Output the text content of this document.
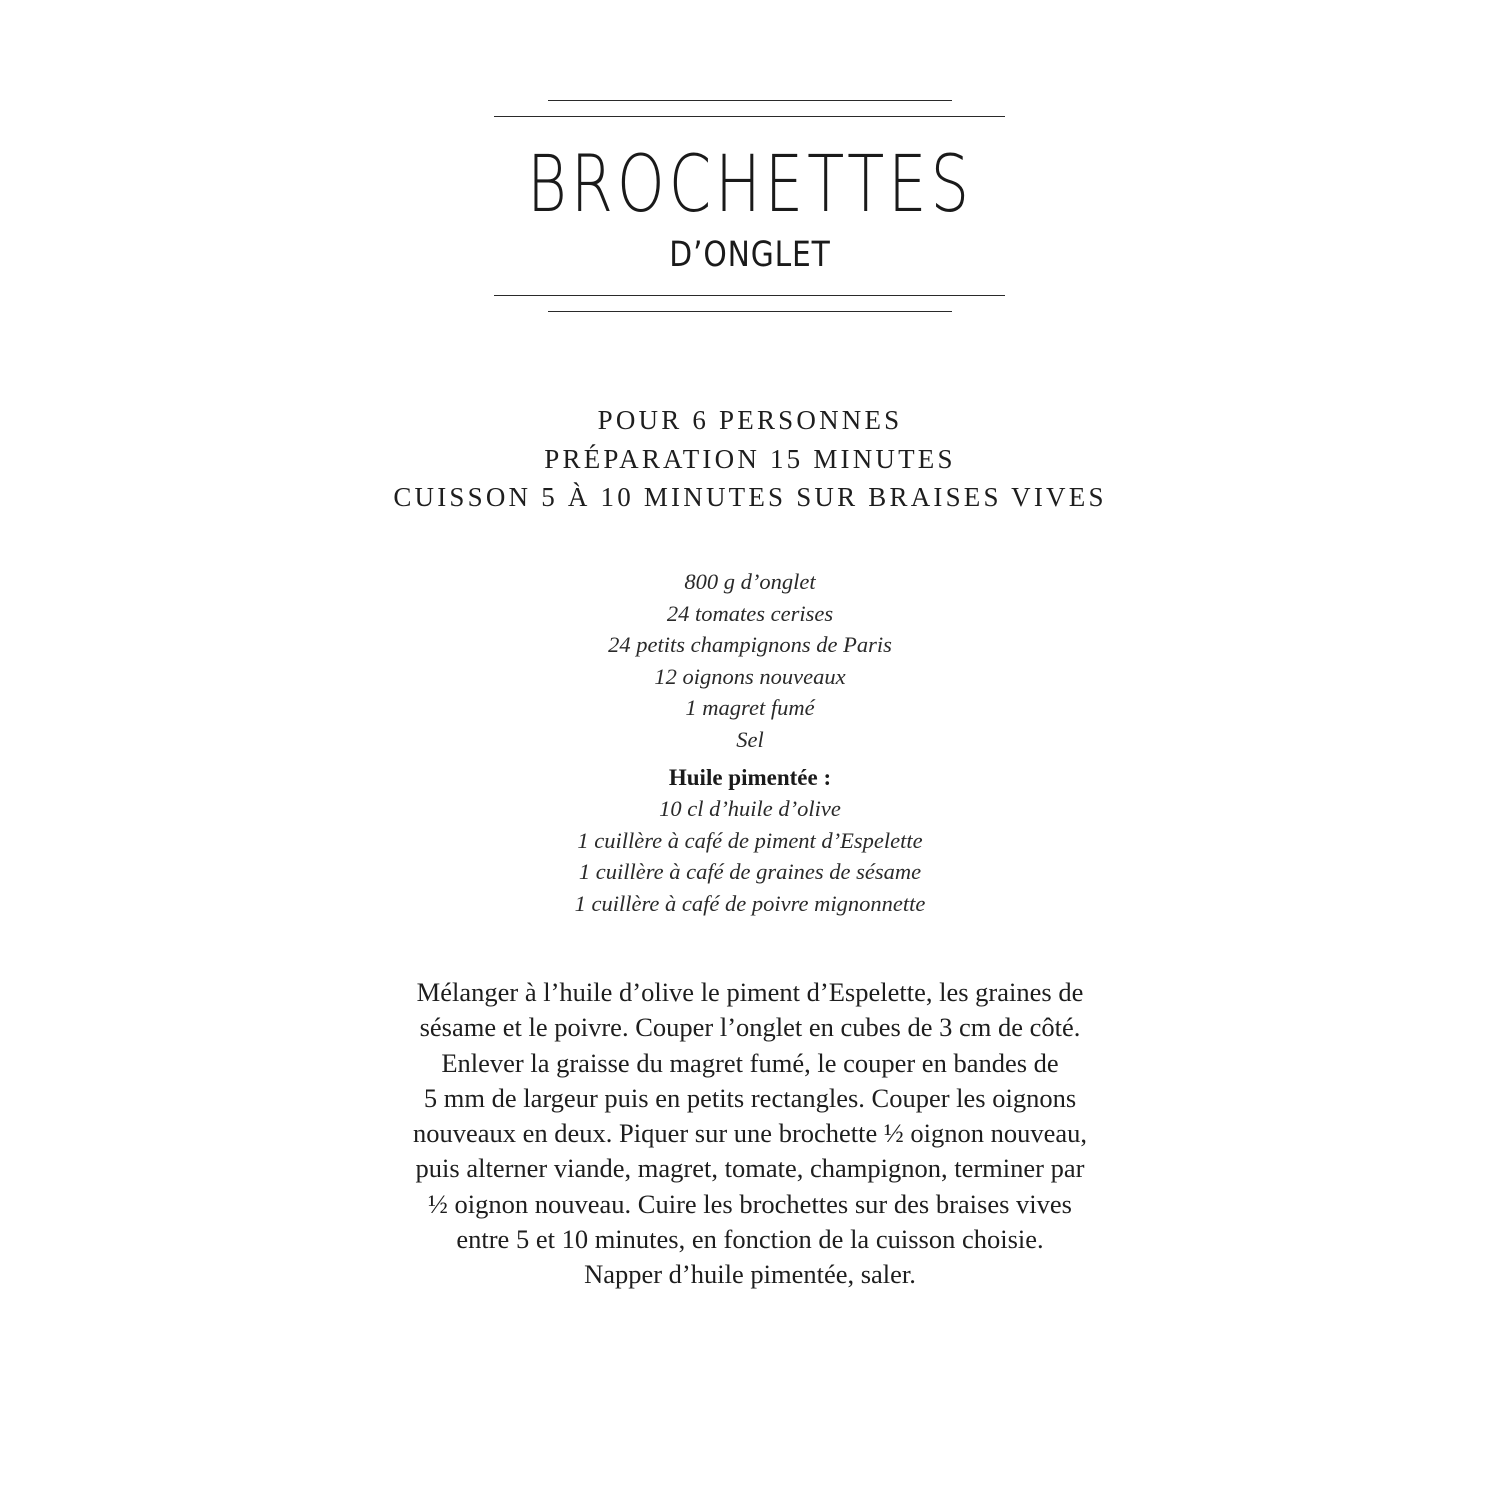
BROCHETTES
D’ONGLET
POUR 6 PERSONNES
PRÉPARATION 15 MINUTES
CUISSON 5 À 10 MINUTES SUR BRAISES VIVES
800 g d’onglet
24 tomates cerises
24 petits champignons de Paris
12 oignons nouveaux
1 magret fumé
Sel
Huile pimentée :
10 cl d’huile d’olive
1 cuillère à café de piment d’Espelette
1 cuillère à café de graines de sésame
1 cuillère à café de poivre mignonnette
Mélanger à l’huile d’olive le piment d’Espelette, les graines de
sésame et le poivre. Couper l’onglet en cubes de 3 cm de côté.
Enlever la graisse du magret fumé, le couper en bandes de
5 mm de largeur puis en petits rectangles. Couper les oignons
nouveaux en deux. Piquer sur une brochette ½ oignon nouveau,
puis alterner viande, magret, tomate, champignon, terminer par
½ oignon nouveau. Cuire les brochettes sur des braises vives
entre 5 et 10 minutes, en fonction de la cuisson choisie.
Napper d’huile pimentée, saler.
